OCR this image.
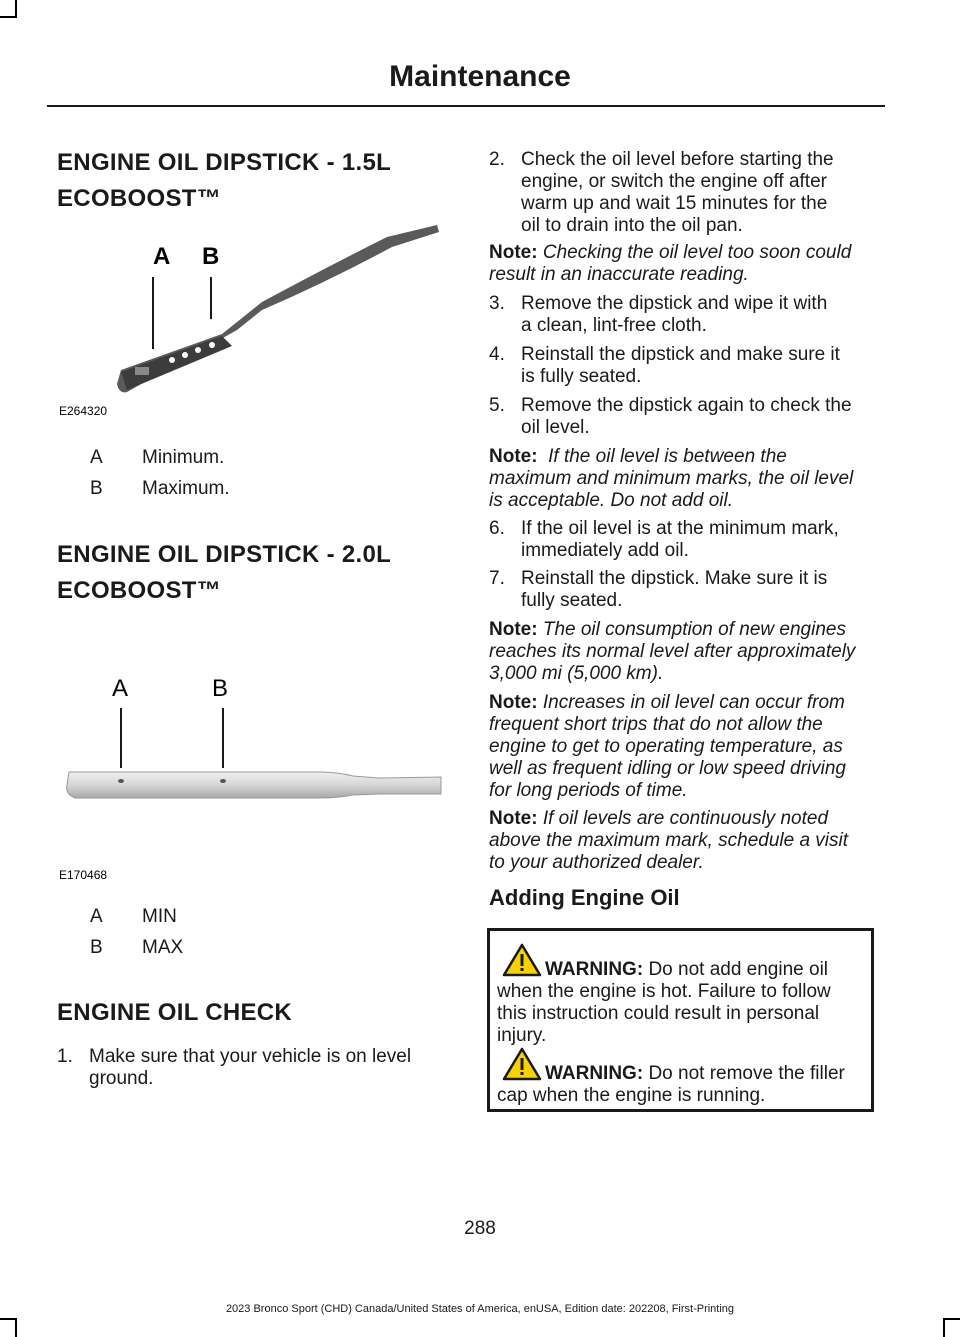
Maintenance
ENGINE OIL DIPSTICK - 1.5L
ECOBOOST™
A B
E264320
A Minimum.
B Maximum.
ENGINE OIL DIPSTICK - 2.0L
ECOBOOST™
A	B
E170468
A MIN
B MAX
ENGINE OIL CHECK
1. Make sure that your vehicle is on level
ground.
2. Check the oil level before starting the
engine, or switch the engine off after
warm up and wait 15 minutes for the
oil to drain into the oil pan.
Note: Checking the oil level too soon could
result in an inaccurate reading.
3. Remove the dipstick and wipe it with
a clean, lint-free cloth.
4. Reinstall the dipstick and make sure it
is fully seated.
5. Remove the dipstick again to check the
oil level.
Note: If the oil level is between the
maximum and minimum marks, the oil level
is acceptable. Do not add oil.
6. If the oil level is at the minimum mark,
immediately add oil.
7. Reinstall the dipstick. Make sure it is
fully seated.
Note: The oil consumption of new engines
reaches its normal level after approximately
3,000 mi (5,000 km).
Note: Increases in oil level can occur from
frequent short trips that do not allow the
engine to get to operating temperature, as
well as frequent idling or low speed driving
for long periods of time.
Note: If oil levels are continuously noted
above the maximum mark, schedule a visit
to your authorized dealer.
Adding Engine Oil
WARNING: Do not add engine oil
when the engine is hot. Failure to follow
this instruction could result in personal
injury.
WARNING: Do not remove the filler
cap when the engine is running.
288
2023 Bronco Sport (CHD) Canada/United States of America, enUSA, Edition date: 202208, First-Printing
